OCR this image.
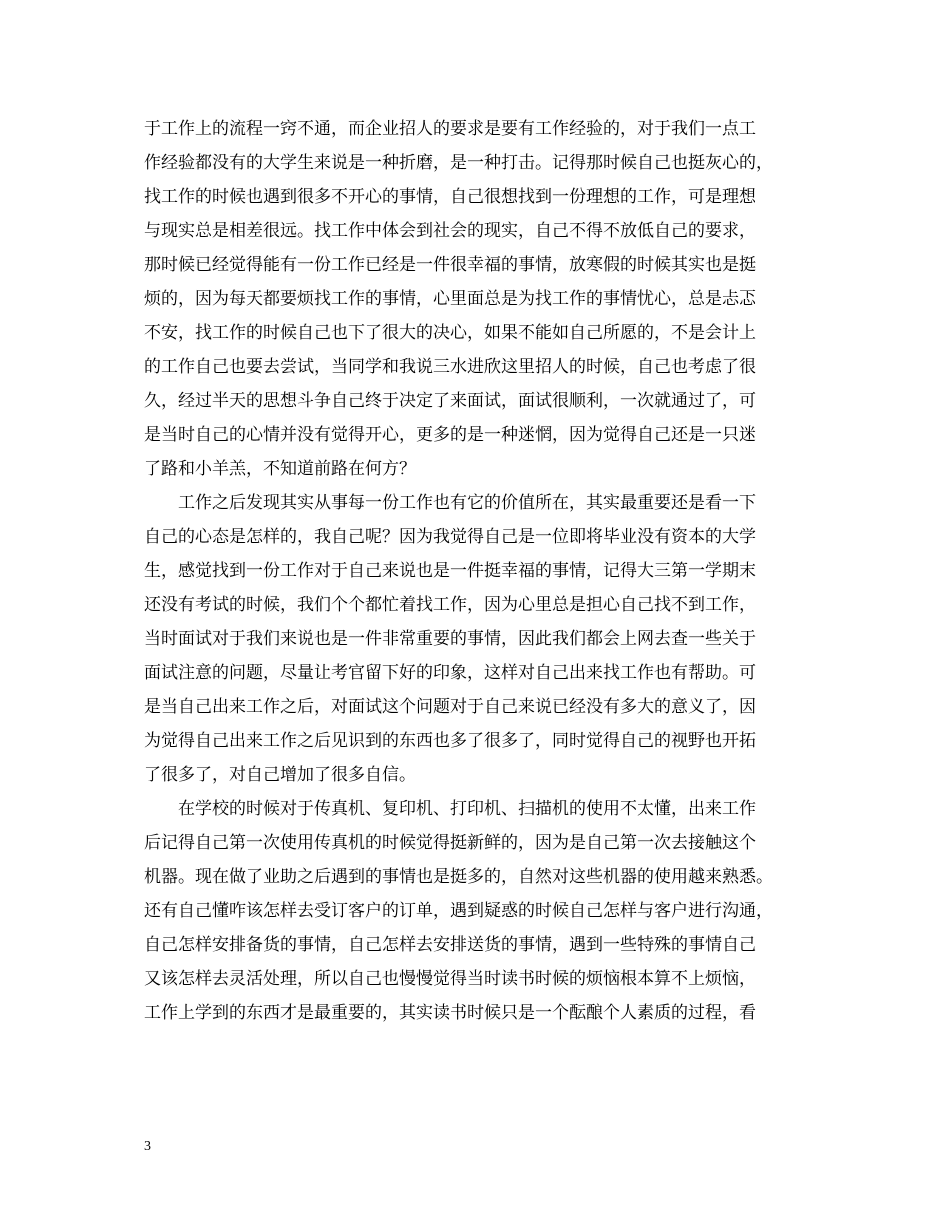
于工作上的流程一窍不通，而企业招人的要求是要有工作经验的，对于我们一点工
作经验都没有的大学生来说是一种折磨，是一种打击。记得那时候自己也挺灰心的，
找工作的时候也遇到很多不开心的事情，自己很想找到一份理想的工作，可是理想
与现实总是相差很远。找工作中体会到社会的现实，自己不得不放低自己的要求，
那时候已经觉得能有一份工作已经是一件很幸福的事情，放寒假的时候其实也是挺
烦的，因为每天都要烦找工作的事情，心里面总是为找工作的事情忧心，总是忐忑
不安，找工作的时候自己也下了很大的决心，如果不能如自己所愿的，不是会计上
的工作自己也要去尝试，当同学和我说三水进欣这里招人的时候，自己也考虑了很
久，经过半天的思想斗争自己终于决定了来面试，面试很顺利，一次就通过了，可
是当时自己的心情并没有觉得开心，更多的是一种迷惘，因为觉得自己还是一只迷
了路和小羊羔，不知道前路在何方？
　　工作之后发现其实从事每一份工作也有它的价值所在，其实最重要还是看一下
自己的心态是怎样的，我自己呢？因为我觉得自己是一位即将毕业没有资本的大学
生，感觉找到一份工作对于自己来说也是一件挺幸福的事情，记得大三第一学期末
还没有考试的时候，我们个个都忙着找工作，因为心里总是担心自己找不到工作，
当时面试对于我们来说也是一件非常重要的事情，因此我们都会上网去查一些关于
面试注意的问题，尽量让考官留下好的印象，这样对自己出来找工作也有帮助。可
是当自己出来工作之后，对面试这个问题对于自己来说已经没有多大的意义了，因
为觉得自己出来工作之后见识到的东西也多了很多了，同时觉得自己的视野也开拓
了很多了，对自己增加了很多自信。
　　在学校的时候对于传真机、复印机、打印机、扫描机的使用不太懂，出来工作
后记得自己第一次使用传真机的时候觉得挺新鲜的，因为是自己第一次去接触这个
机器。现在做了业助之后遇到的事情也是挺多的，自然对这些机器的使用越来熟悉。
还有自己懂咋该怎样去受订客户的订单，遇到疑惑的时候自己怎样与客户进行沟通，
自己怎样安排备货的事情，自己怎样去安排送货的事情，遇到一些特殊的事情自己
又该怎样去灵活处理，所以自己也慢慢觉得当时读书时候的烦恼根本算不上烦恼，
工作上学到的东西才是最重要的，其实读书时候只是一个酝酿个人素质的过程，看
3
